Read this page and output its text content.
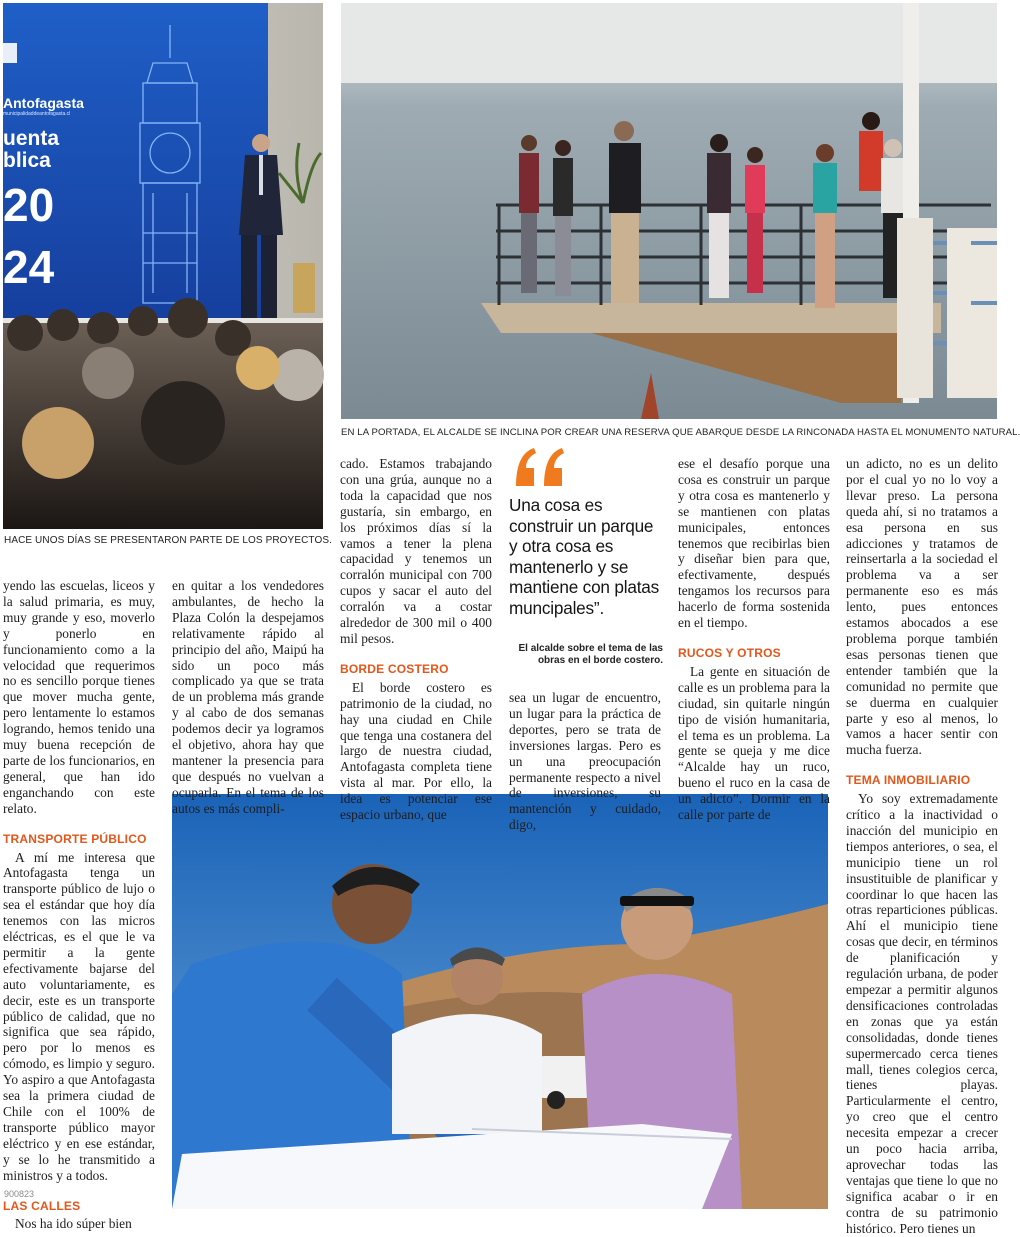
Antofagasta
municipalidaddeantofagasta.cl
uenta
blica
20
24
HACE UNOS DÍAS SE PRESENTARON PARTE DE LOS PROYECTOS.
EN LA PORTADA, EL ALCALDE SE INCLINA POR CREAR UNA RESERVA QUE ABARQUE DESDE LA RINCONADA HASTA EL MONUMENTO NATURAL.

yendo las escuelas, liceos y la salud primaria, es muy, muy grande y eso, moverlo y ponerlo en funcionamiento como a la velocidad que requerimos no es sencillo porque tienes que mover mucha gente, pero lentamente lo estamos logrando, hemos tenido una muy buena recepción de parte de los funcionarios, en general, que han ido enganchando con este relato.

TRANSPORTE PÚBLICO

A mí me interesa que Antofagasta tenga un transporte público de lujo o sea el estándar que hoy día tenemos con las micros eléctricas, es el que le va permitir a la gente efectivamente bajarse del auto voluntariamente, es decir, este es un transporte público de calidad, que no significa que sea rápido, pero por lo menos es cómodo, es limpio y seguro. Yo aspiro a que Antofagasta sea la primera ciudad de Chile con el 100% de transporte público mayor eléctrico y en ese estándar, y se lo he transmitido a ministros y a todos.

LAS CALLES

Nos ha ido súper bien

en quitar a los vendedores ambulantes, de hecho la Plaza Colón la despejamos relativamente rápido al principio del año, Maipú ha sido un poco más complicado ya que se trata de un problema más grande y al cabo de dos semanas podemos decir ya logramos el objetivo, ahora hay que mantener la presencia para que después no vuelvan a ocuparla. En el tema de los autos es más compli-

cado. Estamos trabajando con una grúa, aunque no a toda la capacidad que nos gustaría, sin embargo, en los próximos días sí la vamos a tener la plena capacidad y tenemos un corralón municipal con 700 cupos y sacar el auto del corralón va a costar alrededor de 300 mil o 400 mil pesos.

BORDE COSTERO

El borde costero es patrimonio de la ciudad, no hay una ciudad en Chile que tenga una costanera del largo de nuestra ciudad, Antofagasta completa tiene vista al mar. Por ello, la idea es potenciar ese espacio urbano, que

Una cosa es construir un parque y otra cosa es mantenerlo y se mantiene con platas muncipales”.
El alcalde sobre el tema de las obras en el borde costero.

sea un lugar de encuentro, un lugar para la práctica de deportes, pero se trata de inversiones largas. Pero es un una preocupación permanente respecto a nivel de inversiones, su mantención y cuidado, digo,

ese el desafío porque una cosa es construir un parque y otra cosa es mantenerlo y se mantienen con platas municipales, entonces tenemos que recibirlas bien y diseñar bien para que, efectivamente, después tengamos los recursos para hacerlo de forma sostenida en el tiempo.

RUCOS Y OTROS

La gente en situación de calle es un problema para la ciudad, sin quitarle ningún tipo de visión humanitaria, el tema es un problema. La gente se queja y me dice “Alcalde hay un ruco, bueno el ruco en la casa de un adicto”. Dormir en la calle por parte de

un adicto, no es un delito por el cual yo no lo voy a llevar preso. La persona queda ahí, si no tratamos a esa persona en sus adicciones y tratamos de reinsertarla a la sociedad el problema va a ser permanente eso es más lento, pues entonces estamos abocados a ese problema porque también esas personas tienen que entender también que la comunidad no permite que se duerma en cualquier parte y eso al menos, lo vamos a hacer sentir con mucha fuerza.

TEMA INMOBILIARIO

Yo soy extremadamente crítico a la inactividad o inacción del municipio en tiempos anteriores, o sea, el municipio tiene un rol insustituible de planificar y coordinar lo que hacen las otras reparticiones públicas. Ahí el municipio tiene cosas que decir, en términos de planificación y regulación urbana, de poder empezar a permitir algunos densificaciones controladas en zonas que ya están consolidadas, donde tienes supermercado cerca tienes mall, tienes colegios cerca, tienes playas. Particularmente el centro, yo creo que el centro necesita empezar a crecer un poco hacia arriba, aprovechar todas las ventajas que tiene lo que no significa acabar o ir en contra de su patrimonio histórico. Pero tienes un

900823
